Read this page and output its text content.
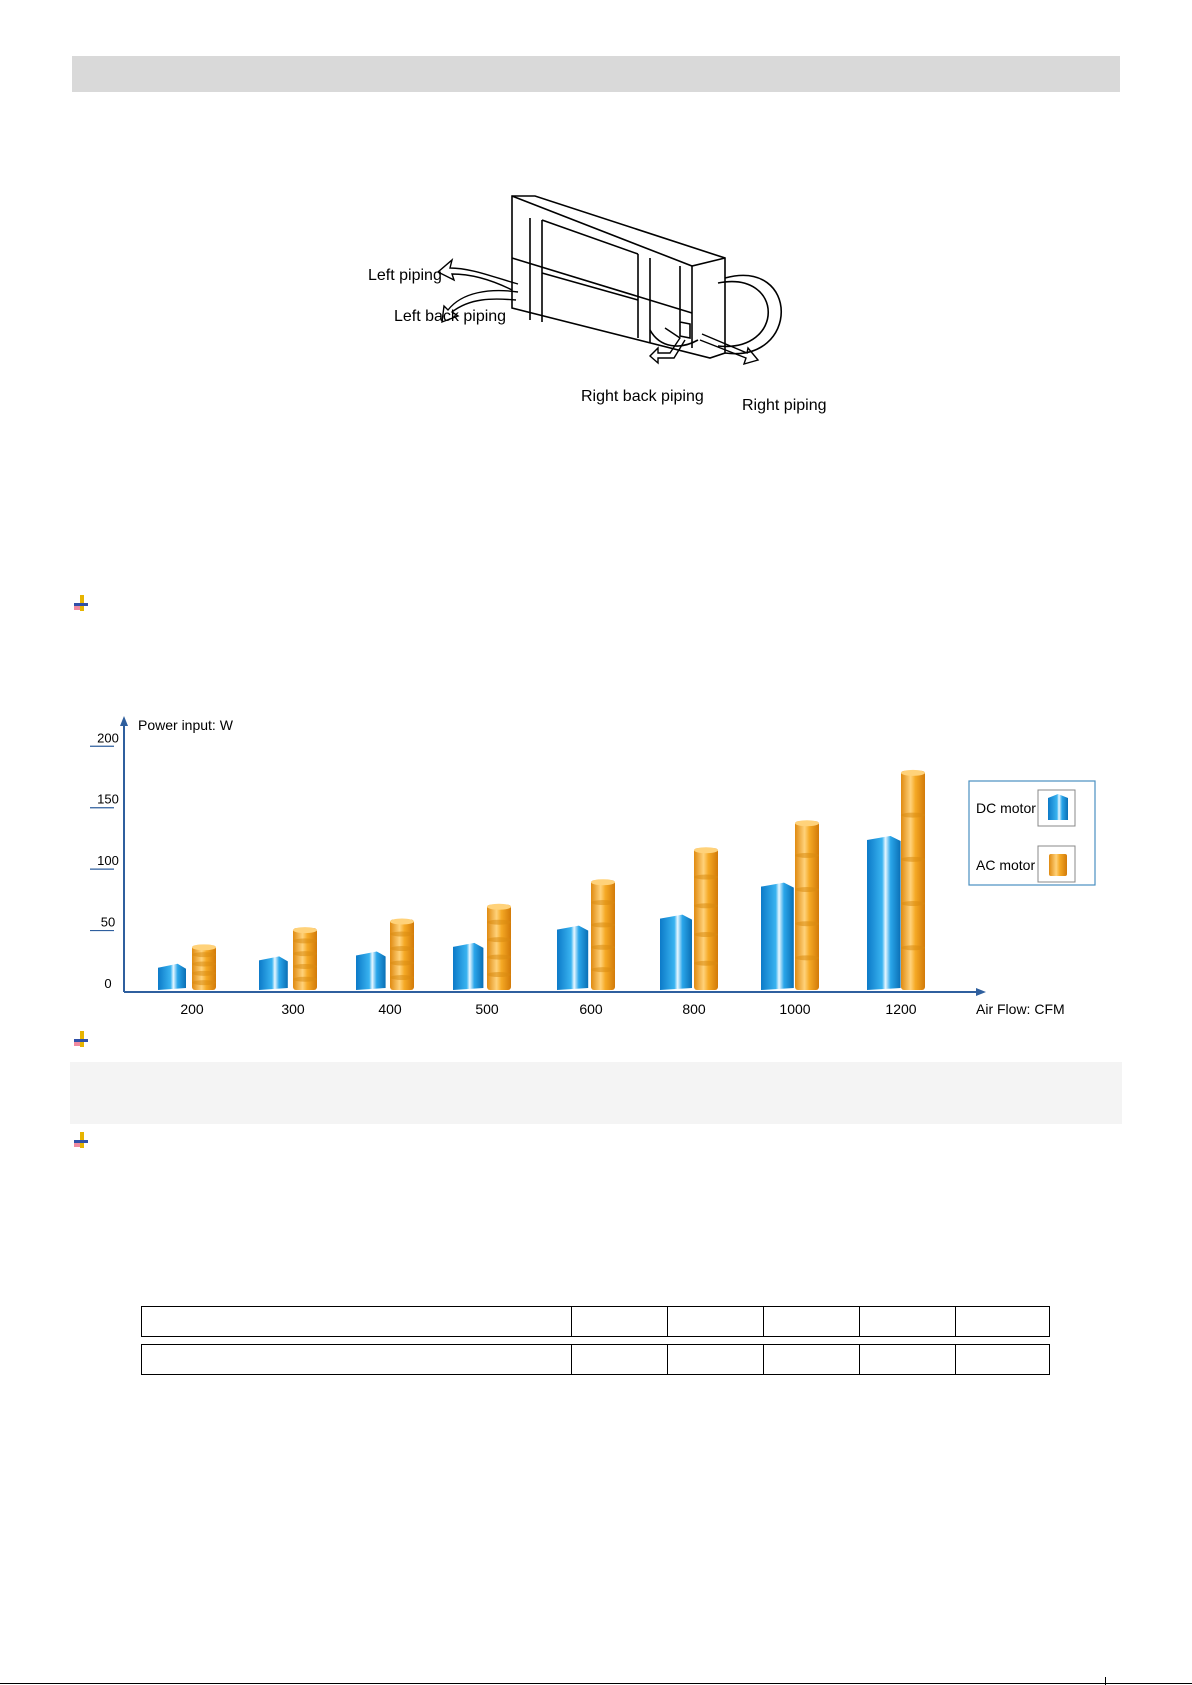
Left piping
Left back piping
Right back piping
Right piping
Power input: W
Air Flow: CFM
0
50
100
150
200
200	300	400	500	600	800	1000	1200
DC motor
AC motor
